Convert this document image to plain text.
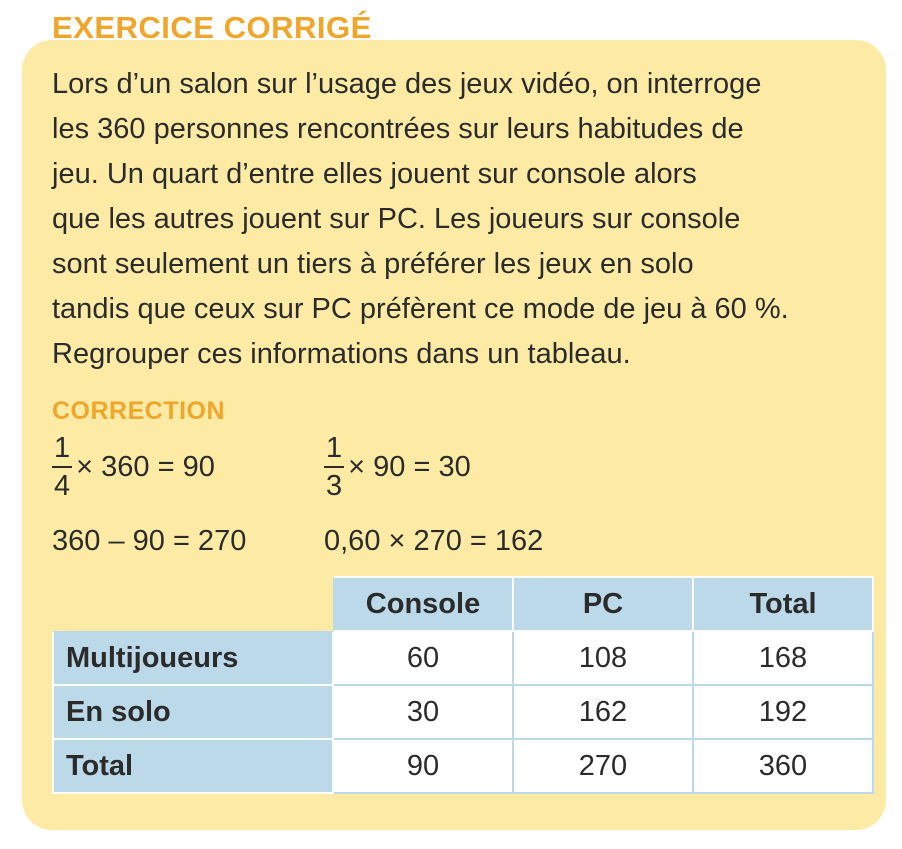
EXERCICE CORRIGÉ

Lors d’un salon sur l’usage des jeux vidéo, on interroge
les 360 personnes rencontrées sur leurs habitudes de
jeu. Un quart d’entre elles jouent sur console alors
que les autres jouent sur PC. Les joueurs sur console
sont seulement un tiers à préférer les jeux en solo
tandis que ceux sur PC préfèrent ce mode de jeu à 60 %.
Regrouper ces informations dans un tableau.

CORRECTION
$\frac{1}{4} \times 360 = 90$	$\frac{1}{3} \times 90 = 30$
360 – 90 = 270	0,60 × 270 = 162
	Console	PC	Total
Multijoueurs	60	108	168
En solo	30	162	192
Total	90	270	360
